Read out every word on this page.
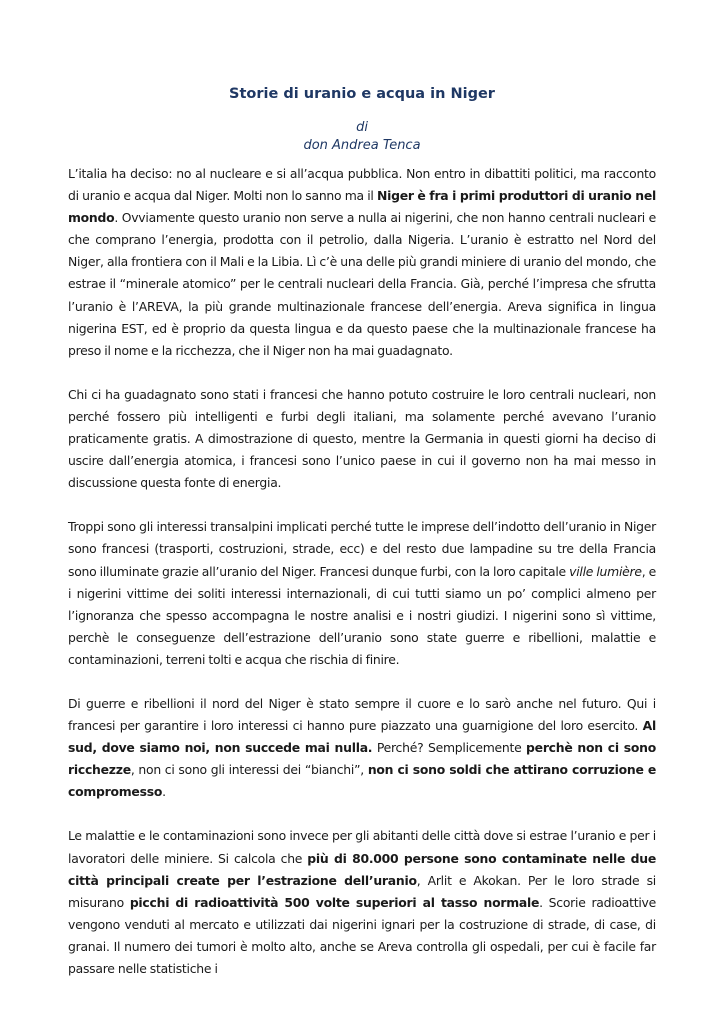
Storie di uranio e acqua in Niger
di
don Andrea Tenca

L’italia ha deciso: no al nucleare e si all’acqua pubblica. Non entro in dibattiti politici, ma racconto di uranio e acqua dal Niger. Molti non lo sanno ma il Niger è fra i primi produttori di uranio nel mondo. Ovviamente questo uranio non serve a nulla ai nigerini, che non hanno centrali nucleari e che comprano l’energia, prodotta con il petrolio, dalla Nigeria. L’uranio è estratto nel Nord del Niger, alla frontiera con il Mali e la Libia. Lì c’è una delle più grandi miniere di uranio del mondo, che estrae il “minerale atomico” per le centrali nucleari della Francia. Già, perché l’impresa che sfrutta l’uranio è l’AREVA, la più grande multinazionale francese dell’energia. Areva significa in lingua nigerina EST, ed è proprio da questa lingua e da questo paese che la multinazionale francese ha preso il nome e la ricchezza, che il Niger non ha mai guadagnato.

Chi ci ha guadagnato sono stati i francesi che hanno potuto costruire le loro centrali nucleari, non perché fossero più intelligenti e furbi degli italiani, ma solamente perché avevano l’uranio praticamente gratis. A dimostrazione di questo, mentre la Germania in questi giorni ha deciso di uscire dall’energia atomica, i francesi sono l’unico paese in cui il governo non ha mai messo in discussione questa fonte di energia.

Troppi sono gli interessi transalpini implicati perché tutte le imprese dell’indotto dell’uranio in Niger sono francesi (trasporti, costruzioni, strade, ecc) e del resto due lampadine su tre della Francia sono illuminate grazie all’uranio del Niger. Francesi dunque furbi, con la loro capitale ville lumière, e i nigerini vittime dei soliti interessi internazionali, di cui tutti siamo un po’ complici almeno per l’ignoranza che spesso accompagna le nostre analisi e i nostri giudizi. I nigerini sono sì vittime, perchè le conseguenze dell’estrazione dell’uranio sono state guerre e ribellioni, malattie e contaminazioni, terreni tolti e acqua che rischia di finire.

Di guerre e ribellioni il nord del Niger è stato sempre il cuore e lo sarò anche nel futuro. Qui i francesi per garantire i loro interessi ci hanno pure piazzato una guarnigione del loro esercito. Al sud, dove siamo noi, non succede mai nulla. Perché? Semplicemente perchè non ci sono ricchezze, non ci sono gli interessi dei “bianchi”, non ci sono soldi che attirano corruzione e compromesso.

Le malattie e le contaminazioni sono invece per gli abitanti delle città dove si estrae l’uranio e per i lavoratori delle miniere. Si calcola che più di 80.000 persone sono contaminate nelle due città principali create per l’estrazione dell’uranio, Arlit e Akokan. Per le loro strade si misurano picchi di radioattività 500 volte superiori al tasso normale. Scorie radioattive vengono venduti al mercato e utilizzati dai nigerini ignari per la costruzione di strade, di case, di granai. Il numero dei tumori è molto alto, anche se Areva controlla gli ospedali, per cui è facile far passare nelle statistiche i
